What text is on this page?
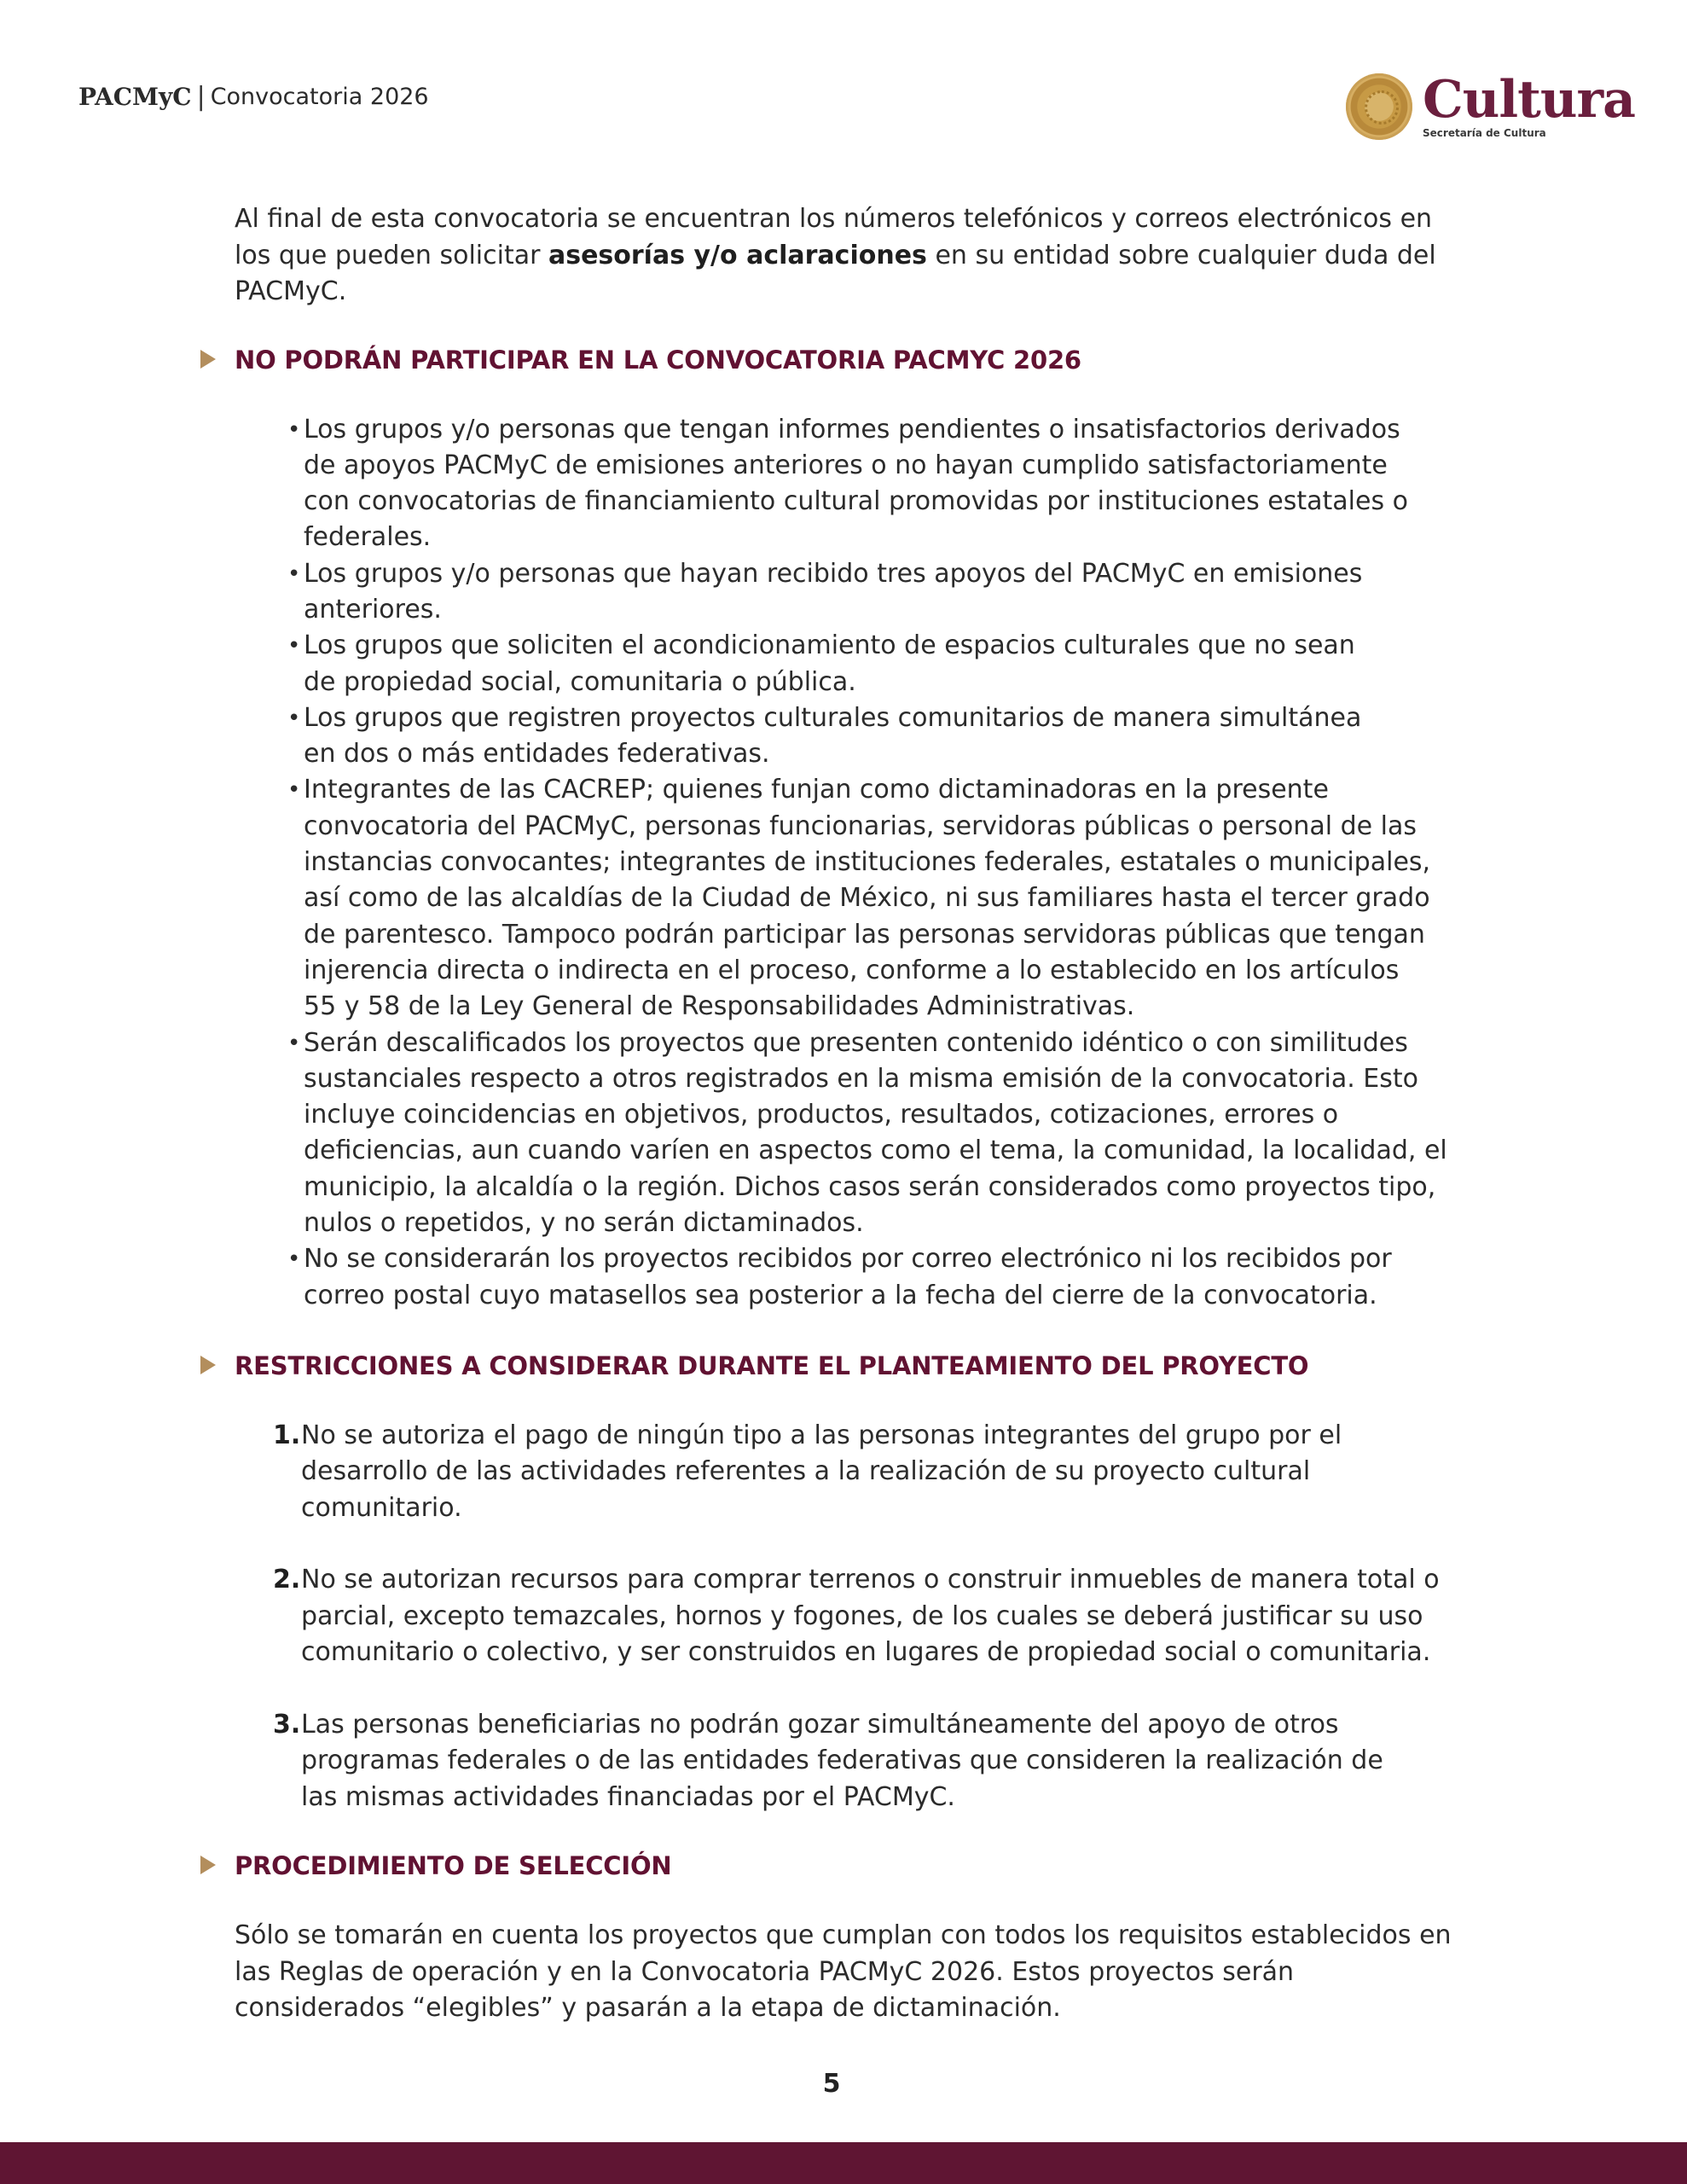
PACMyC | Convocatoria 2026	Cultura
Secretaría de Cultura

Al final de esta convocatoria se encuentran los números telefónicos y correos electrónicos en los que pueden solicitar asesorías y/o aclaraciones en su entidad sobre cualquier duda del PACMyC.

NO PODRÁN PARTICIPAR EN LA CONVOCATORIA PACMYC 2026
• Los grupos y/o personas que tengan informes pendientes o insatisfactorios derivados de apoyos PACMyC de emisiones anteriores o no hayan cumplido satisfactoriamente con convocatorias de financiamiento cultural promovidas por instituciones estatales o federales.
• Los grupos y/o personas que hayan recibido tres apoyos del PACMyC en emisiones anteriores.
• Los grupos que soliciten el acondicionamiento de espacios culturales que no sean de propiedad social, comunitaria o pública.
• Los grupos que registren proyectos culturales comunitarios de manera simultánea en dos o más entidades federativas.
• Integrantes de las CACREP; quienes funjan como dictaminadoras en la presente convocatoria del PACMyC, personas funcionarias, servidoras públicas o personal de las instancias convocantes; integrantes de instituciones federales, estatales o municipales, así como de las alcaldías de la Ciudad de México, ni sus familiares hasta el tercer grado de parentesco. Tampoco podrán participar las personas servidoras públicas que tengan injerencia directa o indirecta en el proceso, conforme a lo establecido en los artículos 55 y 58 de la Ley General de Responsabilidades Administrativas.
• Serán descalificados los proyectos que presenten contenido idéntico o con similitudes sustanciales respecto a otros registrados en la misma emisión de la convocatoria. Esto incluye coincidencias en objetivos, productos, resultados, cotizaciones, errores o deficiencias, aun cuando varíen en aspectos como el tema, la comunidad, la localidad, el municipio, la alcaldía o la región. Dichos casos serán considerados como proyectos tipo, nulos o repetidos, y no serán dictaminados.
• No se considerarán los proyectos recibidos por correo electrónico ni los recibidos por correo postal cuyo matasellos sea posterior a la fecha del cierre de la convocatoria.
RESTRICCIONES A CONSIDERAR DURANTE EL PLANTEAMIENTO DEL PROYECTO
1. No se autoriza el pago de ningún tipo a las personas integrantes del grupo por el desarrollo de las actividades referentes a la realización de su proyecto cultural comunitario.
2. No se autorizan recursos para comprar terrenos o construir inmuebles de manera total o parcial, excepto temazcales, hornos y fogones, de los cuales se deberá justificar su uso comunitario o colectivo, y ser construidos en lugares de propiedad social o comunitaria.
3. Las personas beneficiarias no podrán gozar simultáneamente del apoyo de otros programas federales o de las entidades federativas que consideren la realización de las mismas actividades financiadas por el PACMyC.
PROCEDIMIENTO DE SELECCIÓN

Sólo se tomarán en cuenta los proyectos que cumplan con todos los requisitos establecidos en las Reglas de operación y en la Convocatoria PACMyC 2026. Estos proyectos serán considerados “elegibles” y pasarán a la etapa de dictaminación.

5
